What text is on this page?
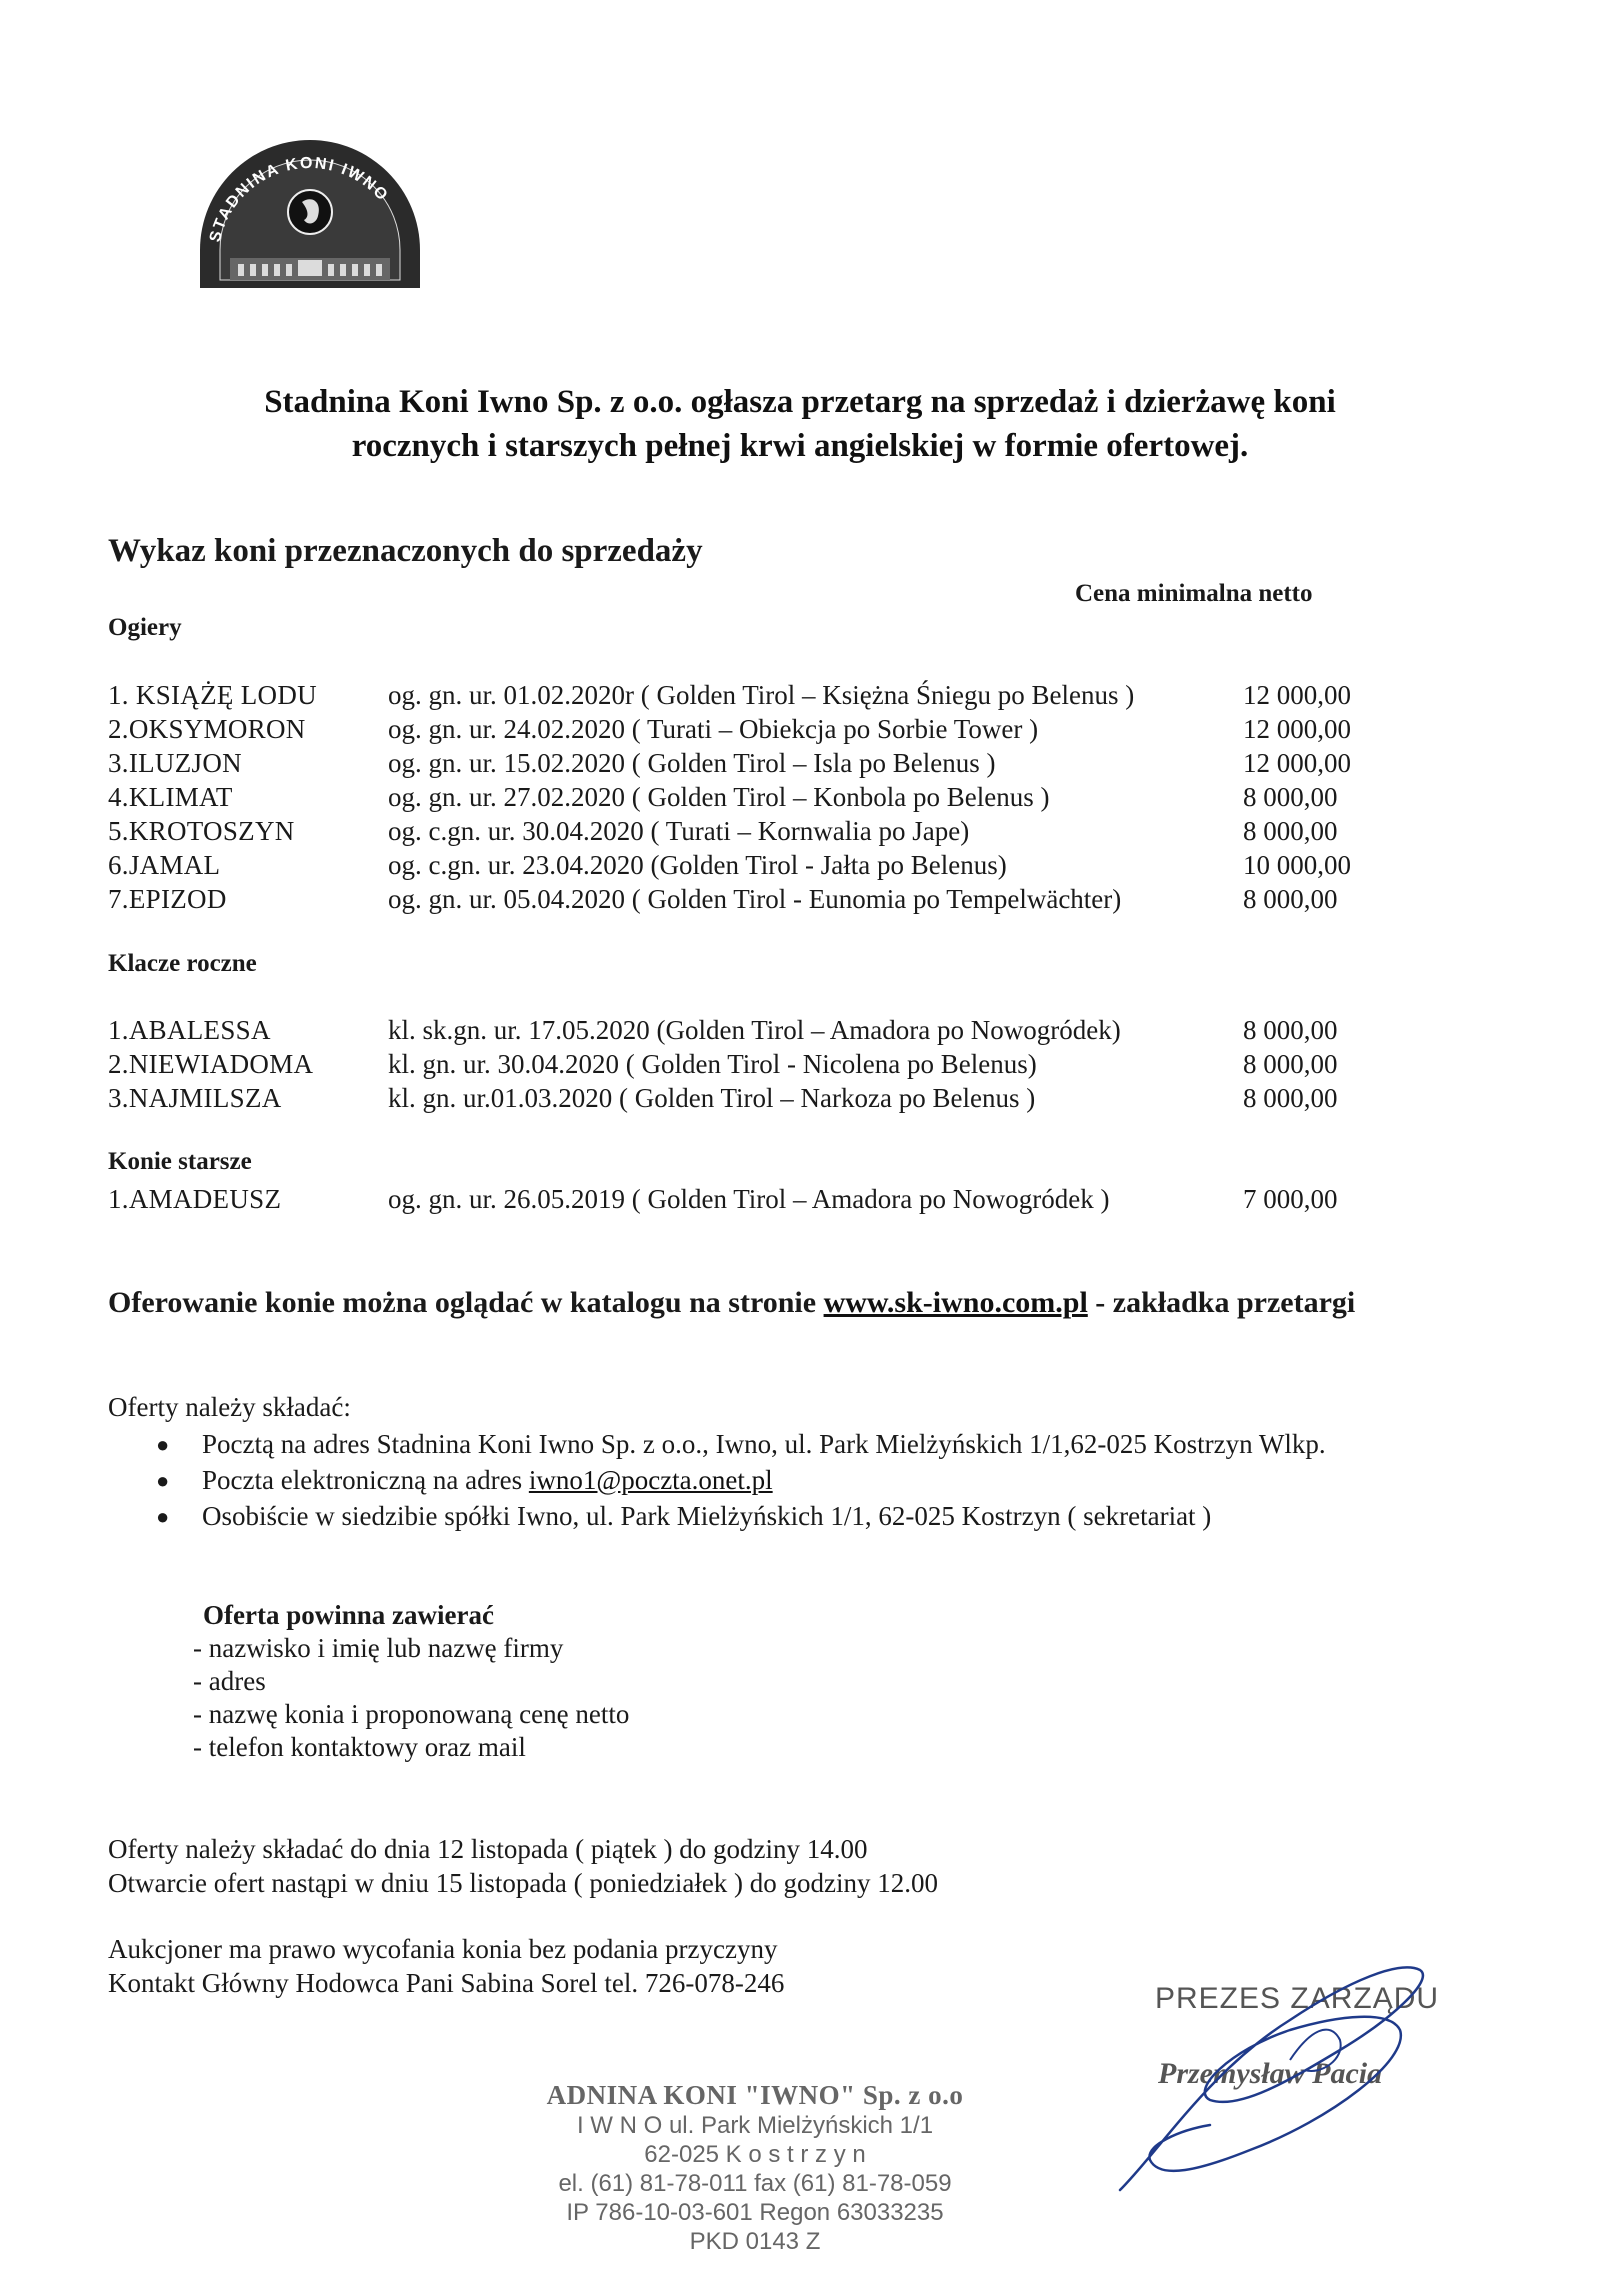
STADNINA KONI IWNO
Stadnina Koni Iwno Sp. z o.o. ogłasza przetarg na sprzedaż i dzierżawę koni
rocznych i starszych pełnej krwi angielskiej w formie ofertowej.
Wykaz koni przeznaczonych do sprzedaży
Cena minimalna netto
Ogiery
1. KSIĄŻĘ LODU	og. gn. ur. 01.02.2020r ( Golden Tirol – Księżna Śniegu po Belenus )	12 000,00
2.OKSYMORON	og. gn. ur. 24.02.2020 ( Turati – Obiekcja po Sorbie Tower )	12 000,00
3.ILUZJON	og. gn. ur. 15.02.2020 ( Golden Tirol – Isla po Belenus )	12 000,00
4.KLIMAT	og. gn. ur. 27.02.2020 ( Golden Tirol – Konbola po Belenus )	8 000,00
5.KROTOSZYN	og. c.gn. ur. 30.04.2020 ( Turati – Kornwalia po Jape)	8 000,00
6.JAMAL	og. c.gn. ur. 23.04.2020 (Golden Tirol - Jałta po Belenus)	10 000,00
7.EPIZOD	og. gn. ur. 05.04.2020 ( Golden Tirol - Eunomia po Tempelwächter)	8 000,00
Klacze roczne
1.ABALESSA	kl. sk.gn. ur. 17.05.2020 (Golden Tirol – Amadora po Nowogródek)	8 000,00
2.NIEWIADOMA	kl. gn. ur. 30.04.2020 ( Golden Tirol - Nicolena po Belenus)	8 000,00
3.NAJMILSZA	kl. gn. ur.01.03.2020 ( Golden Tirol – Narkoza po Belenus )	8 000,00
Konie starsze
1.AMADEUSZ	og. gn. ur. 26.05.2019 ( Golden Tirol – Amadora po Nowogródek )	7 000,00
Oferowanie konie można oglądać w katalogu na stronie www.sk-iwno.com.pl - zakładka przetargi
Oferty należy składać:
● Pocztą na adres Stadnina Koni Iwno Sp. z o.o., Iwno, ul. Park Mielżyńskich 1/1,62-025 Kostrzyn Wlkp.
● Poczta elektroniczną na adres iwno1@poczta.onet.pl
● Osobiście w siedzibie spółki Iwno, ul. Park Mielżyńskich 1/1, 62-025 Kostrzyn ( sekretariat )
Oferta powinna zawierać
- nazwisko i imię lub nazwę firmy
- adres
- nazwę konia i proponowaną cenę netto
- telefon kontaktowy oraz mail
Oferty należy składać do dnia 12 listopada ( piątek ) do godziny 14.00
Otwarcie ofert nastąpi w dniu 15 listopada ( poniedziałek ) do godziny 12.00
Aukcjoner ma prawo wycofania konia bez podania przyczyny
Kontakt Główny Hodowca Pani Sabina Sorel tel. 726-078-246
ADNINA KONI "IWNO" Sp. z o.o
I W N O ul. Park Mielżyńskich 1/1
62-025 K o s t r z y n
el. (61) 81-78-011 fax (61) 81-78-059
IP 786-10-03-601 Regon 63033235
PKD 0143 Z
PREZES ZARZĄDU
Przemysław Pacia
